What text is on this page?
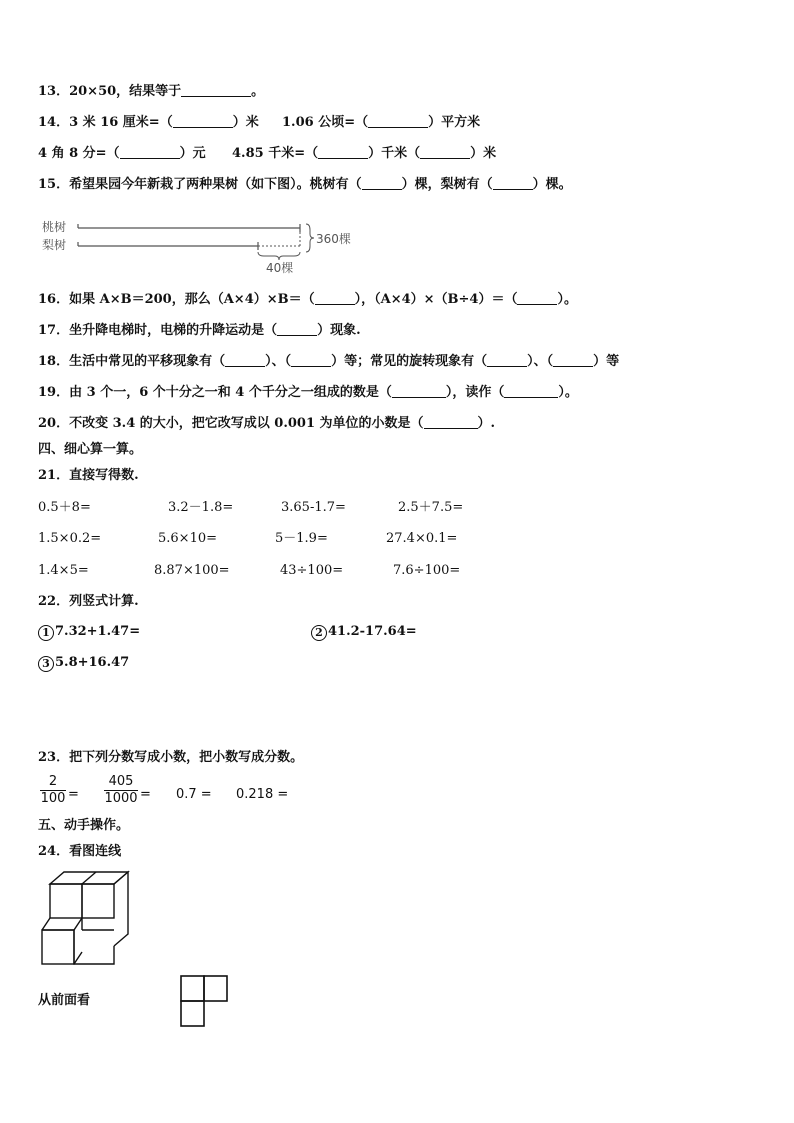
13．20×50，结果等于	。
14．3 米 16 厘米=（	）米 1.06 公顷=（	）平方米
4 角 8 分=（	）元 4.85 千米=（	）千米（	）米
15．希望果园今年新栽了两种果树（如下图）。桃树有（	）棵，梨树有（	）棵。
桃树
梨树
40棵
360棵
16．如果 A×B＝200，那么（A×4）×B＝（	），（A×4）×（B÷4）＝（	）。
17．坐升降电梯时，电梯的升降运动是（	）现象.
18．生活中常见的平移现象有（	）、（	）等；常见的旋转现象有（	）、（	）等
19．由 3 个一，6 个十分之一和 4 个千分之一组成的数是（	），读作（	）。
20．不改变 3.4 的大小，把它改写成以 0.001 为单位的小数是（	）.
四、细心算一算。
21．直接写得数.
0.5＋8=	3.2－1.8=	3.65-1.7=	2.5＋7.5=
1.5×0.2=	5.6×10=	5－1.9=	27.4×0.1=
1.4×5=	8.87×100=	43÷100=	7.6÷100=
22．列竖式计算.
1 7.32+1.47=	2 41.2-17.64=
3 5.8+16.47
23．把下列分数写成小数，把小数写成分数。
2
100 =
405
1000 = 0.7 = 0.218 =
五、动手操作。
24．看图连线
从前面看
